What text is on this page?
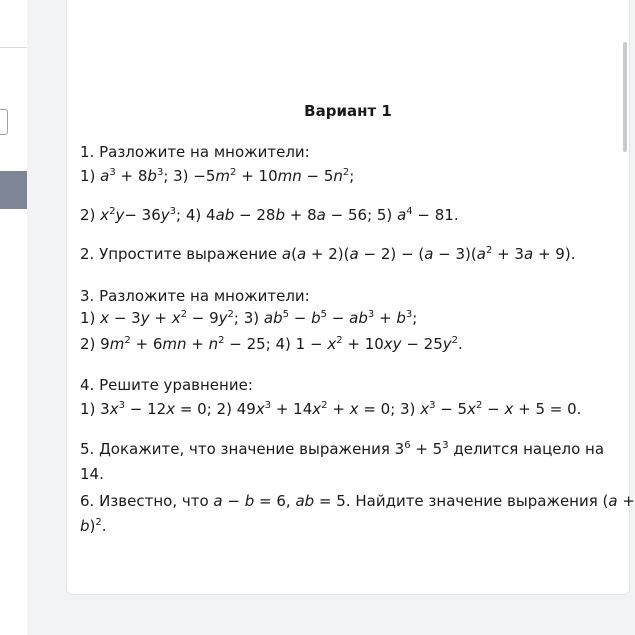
Вариант 1
1. Разложите на множители:
1) $a^3 + 8b^3$; $3) -5m^2 + 10mn - 5n^2$;
2) $x^2y- 36y^3$; 4) 4ab − 28b + 8a − 56; 5) $a^4 - 81$.
2. Упростите выражение $a(a + 2)(a - 2) - (a - 3)(a^2 + 3a + 9)$.
3. Разложите на множители:
1) $x - 3y + x^2 - 9y^2$; 3) $ab^5 - b^5 - ab^3 + b^3$;
2) $9m^2 + 6mn + n^2 - 25$; 4) $1 - x^2 + 10xy - 25y^2$.
4. Решите уравнение:
1) $3x^3 - 12x = 0$; 2) $49x^3 + 14x^2 + x = 0$; 3) $x^3 - 5x^2 - x + 5 = 0$.
5. Докажите, что значение выражения $3^6 + 5^3$ делится нацело на
14.
6. Известно, что a − b = 6, ab = 5. Найдите значение выражения (a +
b)$^2$.
